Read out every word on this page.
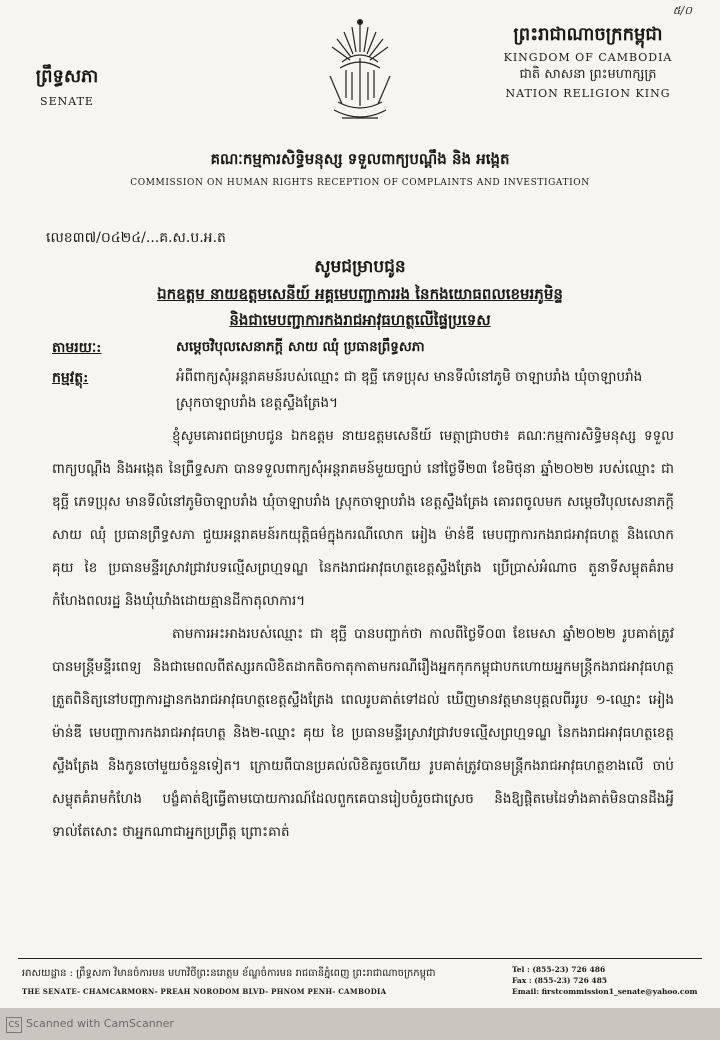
៥/០
ព្រឹទ្ធសភា
SENATE
ព្រះរាជាណាចក្រកម្ពុជា
KINGDOM OF CAMBODIA
ជាតិ សាសនា ព្រះមហាក្សត្រ
NATION RELIGION KING
គណៈកម្មការសិទ្ធិមនុស្ស ទទួលពាក្យបណ្ដឹង និង អង្កេត
COMMISSION ON HUMAN RIGHTS RECEPTION OF COMPLAINTS AND INVESTIGATION
លេខ៣៧/០៤២៤/...គ.ស.ប.អ.ត
សូមជម្រាបជូន
ឯកឧត្ដម នាយឧត្ដមសេនីយ៍ អគ្គមេបញ្ជាការរង នៃកងយោធពលខេមរភូមិន្ទ
និងជាមេបញ្ជាការកងរាជអាវុធហត្ថលើផ្ទៃប្រទេស
តាមរយៈ:	សម្ដេចវិបុលសេនាភក្ដី សាយ ឈុំ ប្រធានព្រឹទ្ធសភា
កម្មវត្ថុ:	អំពីពាក្យសុំអន្តរាគមន៍របស់ឈ្មោះ ជា ឌុច្ឆី ភេទប្រុស មានទីលំនៅភូមិ ចាឡាបរាំង ឃុំចាឡាបរាំង ស្រុកចាឡាបរាំង ខេត្តស្ទឹងត្រែង។
ខ្ញុំសូមគោរពជម្រាបជូន ឯកឧត្ដម នាយឧត្ដមសេនីយ៍ មេត្តាជ្រាបថា៖ គណៈកម្មការសិទ្ធិមនុស្ស ទទួលពាក្យបណ្ដឹង និងអង្កេត នៃព្រឹទ្ធសភា បានទទួលពាក្យសុំអន្តរាគមន៍មួយច្បាប់ នៅថ្ងៃទី២៣ ខែមិថុនា ឆ្នាំ២០២២ របស់ឈ្មោះ ជា ឌុច្ឆី ភេទប្រុស មានទីលំនៅភូមិចាឡាបរាំង ឃុំចាឡាបរាំង ស្រុកចាឡាបរាំង ខេត្តស្ទឹងត្រែង គោរពចូលមក សម្ដេចវិបុលសេនាភក្ដី សាយ ឈុំ ប្រធានព្រឹទ្ធសភា ជួយអន្តរាគមន៍រកយុត្តិធម៌ក្នុងករណីលោក អៀង ម៉ាន់ឌី មេបញ្ជាការកងរាជអាវុធហត្ថ និងលោក គុយ ខៃ ប្រធានមន្ទីរស្រាវជ្រាវបទល្មើសព្រហ្មទណ្ឌ នៃកងរាជអាវុធហត្ថខេត្តស្ទឹងត្រែង ប្រើប្រាស់អំណាច តួនាទីសម្លុតគំរាមកំហែងពលរដ្ឋ និងឃុំឃាំងដោយគ្មានដីកាតុលាការ។
តាមការអះអាងរបស់ឈ្មោះ ជា ឌុច្ឆី បានបញ្ជាក់ថា កាលពីថ្ងៃទី០៣ ខែមេសា ឆ្នាំ២០២២ រូបគាត់ត្រូវបានមន្ត្រីមន្ទីរពេទ្យ និងជាមេពលពីឥស្សរកលិខិតដាកតិចកាតុកាតាមករណីរឿងអ្នកកុកកម្ពុជាបកហោយអ្នកមន្ត្រីកងរាជអាវុធហត្ថត្រួតពិនិត្យនៅបញ្ជាការដ្ឋានកងរាជអាវុធហត្ថខេត្តស្ទឹងត្រែង ពេលរូបគាត់ទៅដល់ ឃើញមានវត្តមានបុគ្គលពីររូប ១-ឈ្មោះ អៀង ម៉ាន់ឌី មេបញ្ជាការកងរាជអាវុធហត្ថ និង២-ឈ្មោះ គុយ ខៃ ប្រធានមន្ទីរស្រាវជ្រាវបទល្មើសព្រហ្មទណ្ឌ នៃកងរាជអាវុធហត្ថខេត្តស្ទឹងត្រែង និងកូនចៅមួយចំនួនទៀត។ ក្រោយពីបានប្រគល់លិខិតរួចហើយ រូបគាត់ត្រូវបានមន្ត្រីកងរាជអាវុធហត្ថខាងលើ ចាប់សម្លុតគំរាមកំហែង បង្ខំគាត់ឱ្យធ្វើតាមបោយការណ៍ដែលពួកគេបានរៀបចំរួចជាស្រេច និងឱ្យផ្តិតមេដៃទាំងគាត់មិនបានដឹងអ្វីទាល់តែសោះ ថាអ្នកណាជាអ្នកប្រព្រឹត្ត ព្រោះគាត់
អាសយដ្ឋាន : ព្រឹទ្ធសភា វិមានចំការមន មហាវិថីព្រះនរោត្តម ខ័ណ្ឌចំការមន រាជធានីភ្នំពេញ ព្រះរាជាណាចក្រកម្ពុជា
THE SENATE- CHAMCARMORN- PREAH NORODOM BLVD- PHNOM PENH- CAMBODIA
Tel : (855-23) 726 486
Fax : (855-23) 726 485
Email: firstcommission1_senate@yahoo.com
CS Scanned with CamScanner
